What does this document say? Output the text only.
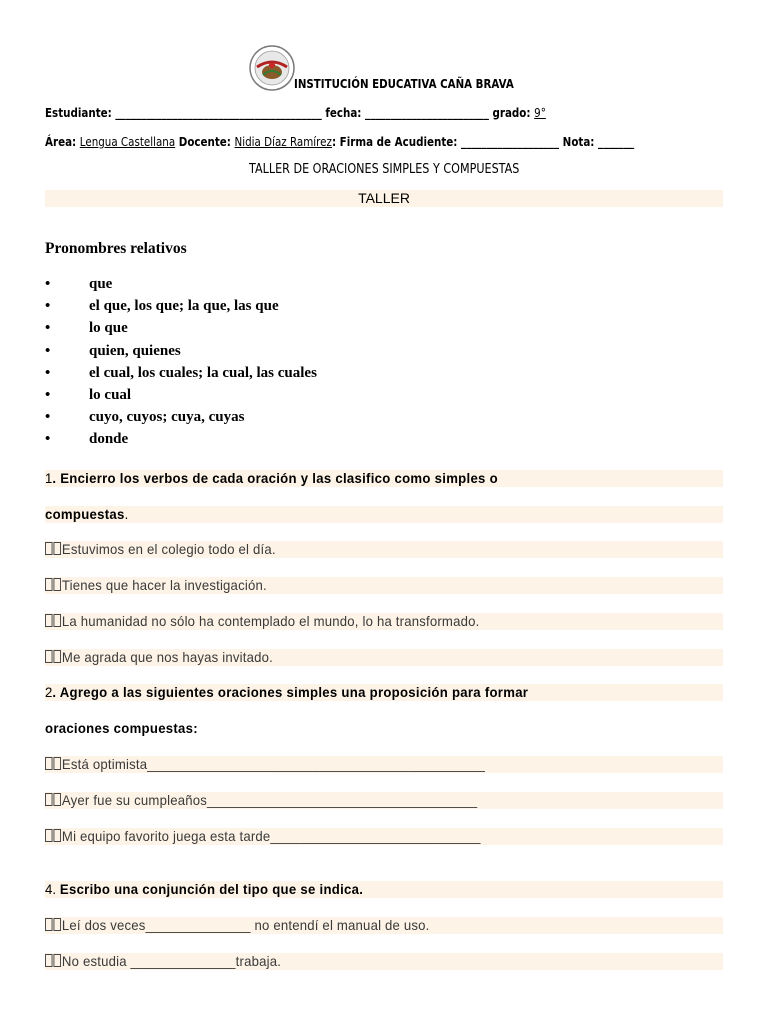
INSTITUCIÓN EDUCATIVA CAÑA BRAVA
Estudiante: ________________________________________ fecha: ________________________ grado: 9°
Área: Lengua Castellana Docente: Nidia Díaz Ramírez: Firma de Acudiente: ___________________ Nota: _______
TALLER DE ORACIONES SIMPLES Y COMPUESTAS
TALLER
Pronombres relativos
•	que
•	el que, los que; la que, las que
•	lo que
•	quien, quienes
•	el cual, los cuales; la cual, las cuales
•	lo cual
•	cuyo, cuyos; cuya, cuyas
•	donde
1. Encierro los verbos de cada oración y las clasifico como simples o
compuestas.
Estuvimos en el colegio todo el día.
Tienes que hacer la investigación.
La humanidad no sólo ha contemplado el mundo, lo ha transformado.
Me agrada que nos hayas invitado.
2. Agrego a las siguientes oraciones simples una proposición para formar
oraciones compuestas:
Está optimista_____________________________________________
Ayer fue su cumpleaños____________________________________
Mi equipo favorito juega esta tarde____________________________
4. Escribo una conjunción del tipo que se indica.
Leí dos veces______________ no entendí el manual de uso.
No estudia ______________trabaja.
